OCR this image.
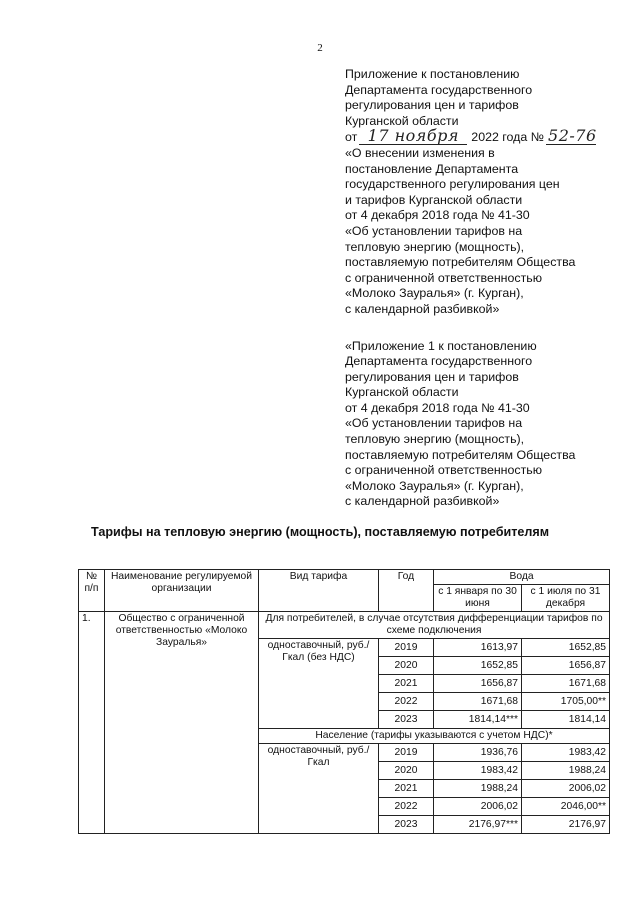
2
Приложение к постановлению
Департамента государственного
регулирования цен и тарифов
Курганской области
от 17 ноября 2022 года № 52-76
«О внесении изменения в
постановление Департамента
государственного регулирования цен
и тарифов Курганской области
от 4 декабря 2018 года № 41-30
«Об установлении тарифов на
тепловую энергию (мощность),
поставляемую потребителям Общества
с ограниченной ответственностью
«Молоко Зауралья» (г. Курган),
с календарной разбивкой»
«Приложение 1 к постановлению
Департамента государственного
регулирования цен и тарифов
Курганской области
от 4 декабря 2018 года № 41-30
«Об установлении тарифов на
тепловую энергию (мощность),
поставляемую потребителям Общества
с ограниченной ответственностью
«Молоко Зауралья» (г. Курган),
с календарной разбивкой»
Тарифы на тепловую энергию (мощность), поставляемую потребителям
№ п/п	Наименование регулируемой организации	Вид тарифа	Год	Вода	
				с 1 января по 30 июня	с 1 июля по 31 декабря
1.	Общество с ограниченной ответственностью «Молоко Зауралья»	Для потребителей, в случае отсутствия дифференциации тарифов по схеме подключения			
		одноставочный, руб./Гкал (без НДС)	2019	1613,97	1652,85
			2020	1652,85	1656,87
			2021	1656,87	1671,68
			2022	1671,68	1705,00**
			2023	1814,14***	1814,14
		Население (тарифы указываются с учетом НДС)*			
		одноставочный, руб./Гкал	2019	1936,76	1983,42
			2020	1983,42	1988,24
			2021	1988,24	2006,02
			2022	2006,02	2046,00**
			2023	2176,97***	2176,97
